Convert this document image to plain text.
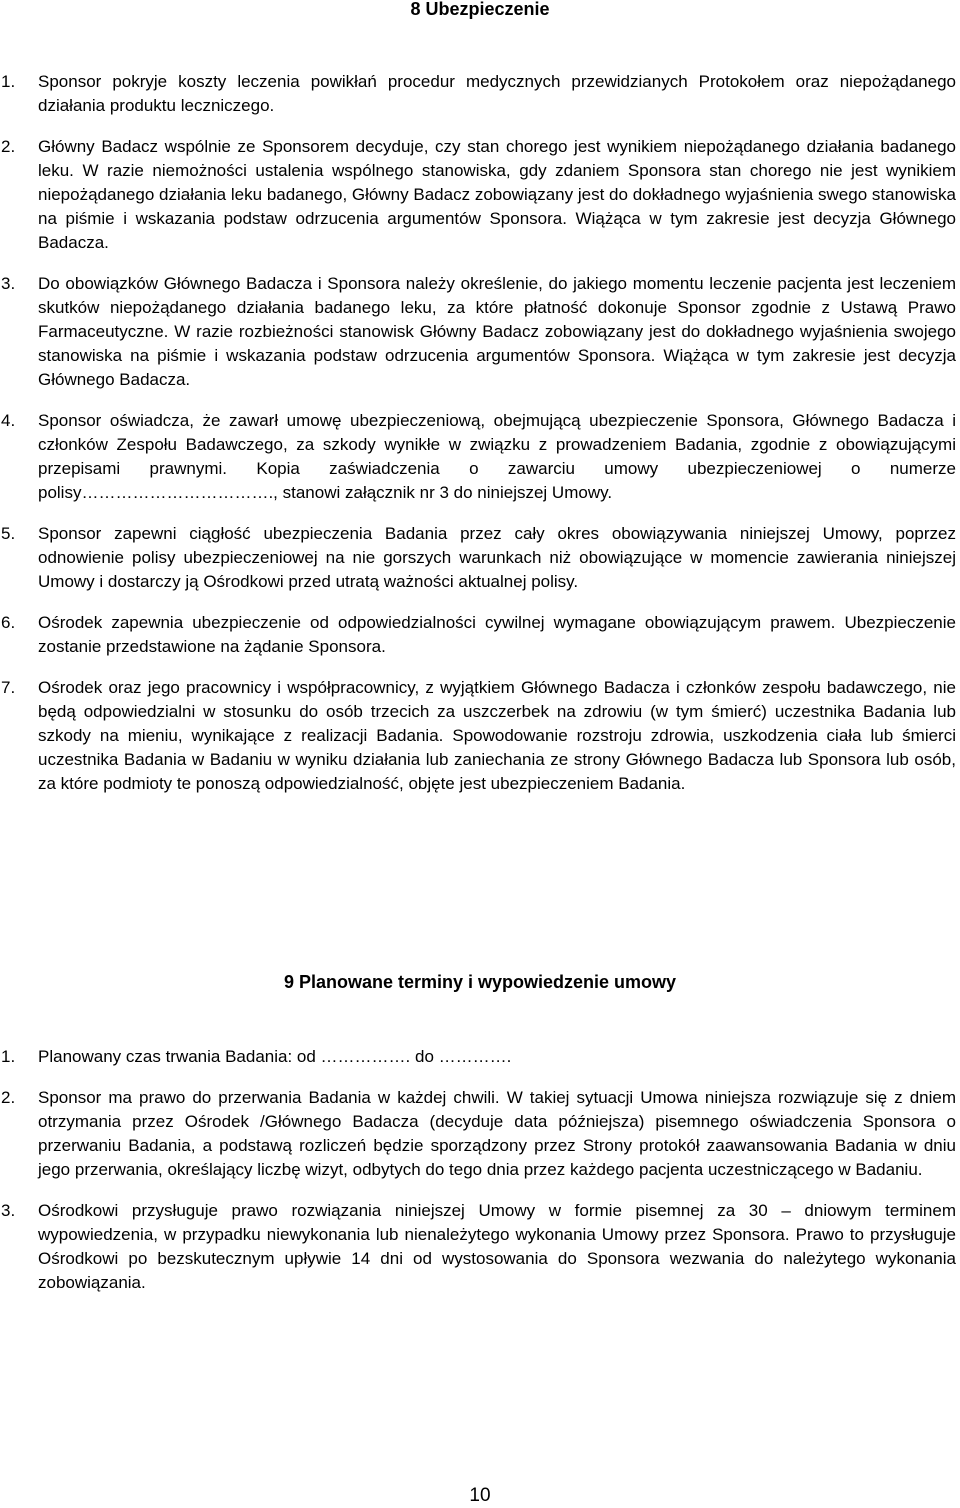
8 Ubezpieczenie
1. Sponsor pokryje koszty leczenia powikłań procedur medycznych przewidzianych Protokołem oraz niepożądanego działania produktu leczniczego.
2. Główny Badacz wspólnie ze Sponsorem decyduje, czy stan chorego jest wynikiem niepożądanego działania badanego leku. W razie niemożności ustalenia wspólnego stanowiska, gdy zdaniem Sponsora stan chorego nie jest wynikiem niepożądanego działania leku badanego, Główny Badacz zobowiązany jest do dokładnego wyjaśnienia swego stanowiska na piśmie i wskazania podstaw odrzucenia argumentów Sponsora. Wiążąca w tym zakresie jest decyzja Głównego Badacza.
3. Do obowiązków Głównego Badacza i Sponsora należy określenie, do jakiego momentu leczenie pacjenta jest leczeniem skutków niepożądanego działania badanego leku, za które płatność dokonuje Sponsor zgodnie z Ustawą Prawo Farmaceutyczne. W razie rozbieżności stanowisk Główny Badacz zobowiązany jest do dokładnego wyjaśnienia swojego stanowiska na piśmie i wskazania podstaw odrzucenia argumentów Sponsora. Wiążąca w tym zakresie jest decyzja Głównego Badacza.
4. Sponsor oświadcza, że zawarł umowę ubezpieczeniową, obejmującą ubezpieczenie Sponsora, Głównego Badacza i członków Zespołu Badawczego, za szkody wynikłe w związku z prowadzeniem Badania, zgodnie z obowiązującymi przepisami prawnymi. Kopia zaświadczenia o zawarciu umowy ubezpieczeniowej o numerze polisy……………………………., stanowi załącznik nr 3 do niniejszej Umowy.
5. Sponsor zapewni ciągłość ubezpieczenia Badania przez cały okres obowiązywania niniejszej Umowy, poprzez odnowienie polisy ubezpieczeniowej na nie gorszych warunkach niż obowiązujące w momencie zawierania niniejszej Umowy i dostarczy ją Ośrodkowi przed utratą ważności aktualnej polisy.
6. Ośrodek zapewnia ubezpieczenie od odpowiedzialności cywilnej wymagane obowiązującym prawem. Ubezpieczenie zostanie przedstawione na żądanie Sponsora.
7. Ośrodek oraz jego pracownicy i współpracownicy, z wyjątkiem Głównego Badacza i członków zespołu badawczego, nie będą odpowiedzialni w stosunku do osób trzecich za uszczerbek na zdrowiu (w tym śmierć) uczestnika Badania lub szkody na mieniu, wynikające z realizacji Badania. Spowodowanie rozstroju zdrowia, uszkodzenia ciała lub śmierci uczestnika Badania w Badaniu w wyniku działania lub zaniechania ze strony Głównego Badacza lub Sponsora lub osób, za które podmioty te ponoszą odpowiedzialność, objęte jest ubezpieczeniem Badania.
9 Planowane terminy i wypowiedzenie umowy
1. Planowany czas trwania Badania: od ……………. do ………….
2. Sponsor ma prawo do przerwania Badania w każdej chwili. W takiej sytuacji Umowa niniejsza rozwiązuje się z dniem otrzymania przez Ośrodek /Głównego Badacza (decyduje data późniejsza) pisemnego oświadczenia Sponsora o przerwaniu Badania, a podstawą rozliczeń będzie sporządzony przez Strony protokół zaawansowania Badania w dniu jego przerwania, określający liczbę wizyt, odbytych do tego dnia przez każdego pacjenta uczestniczącego w Badaniu.
3. Ośrodkowi przysługuje prawo rozwiązania niniejszej Umowy w formie pisemnej za 30 – dniowym terminem wypowiedzenia, w przypadku niewykonania lub nienależytego wykonania Umowy przez Sponsora. Prawo to przysługuje Ośrodkowi po bezskutecznym upływie 14 dni od wystosowania do Sponsora wezwania do należytego wykonania zobowiązania.
10
